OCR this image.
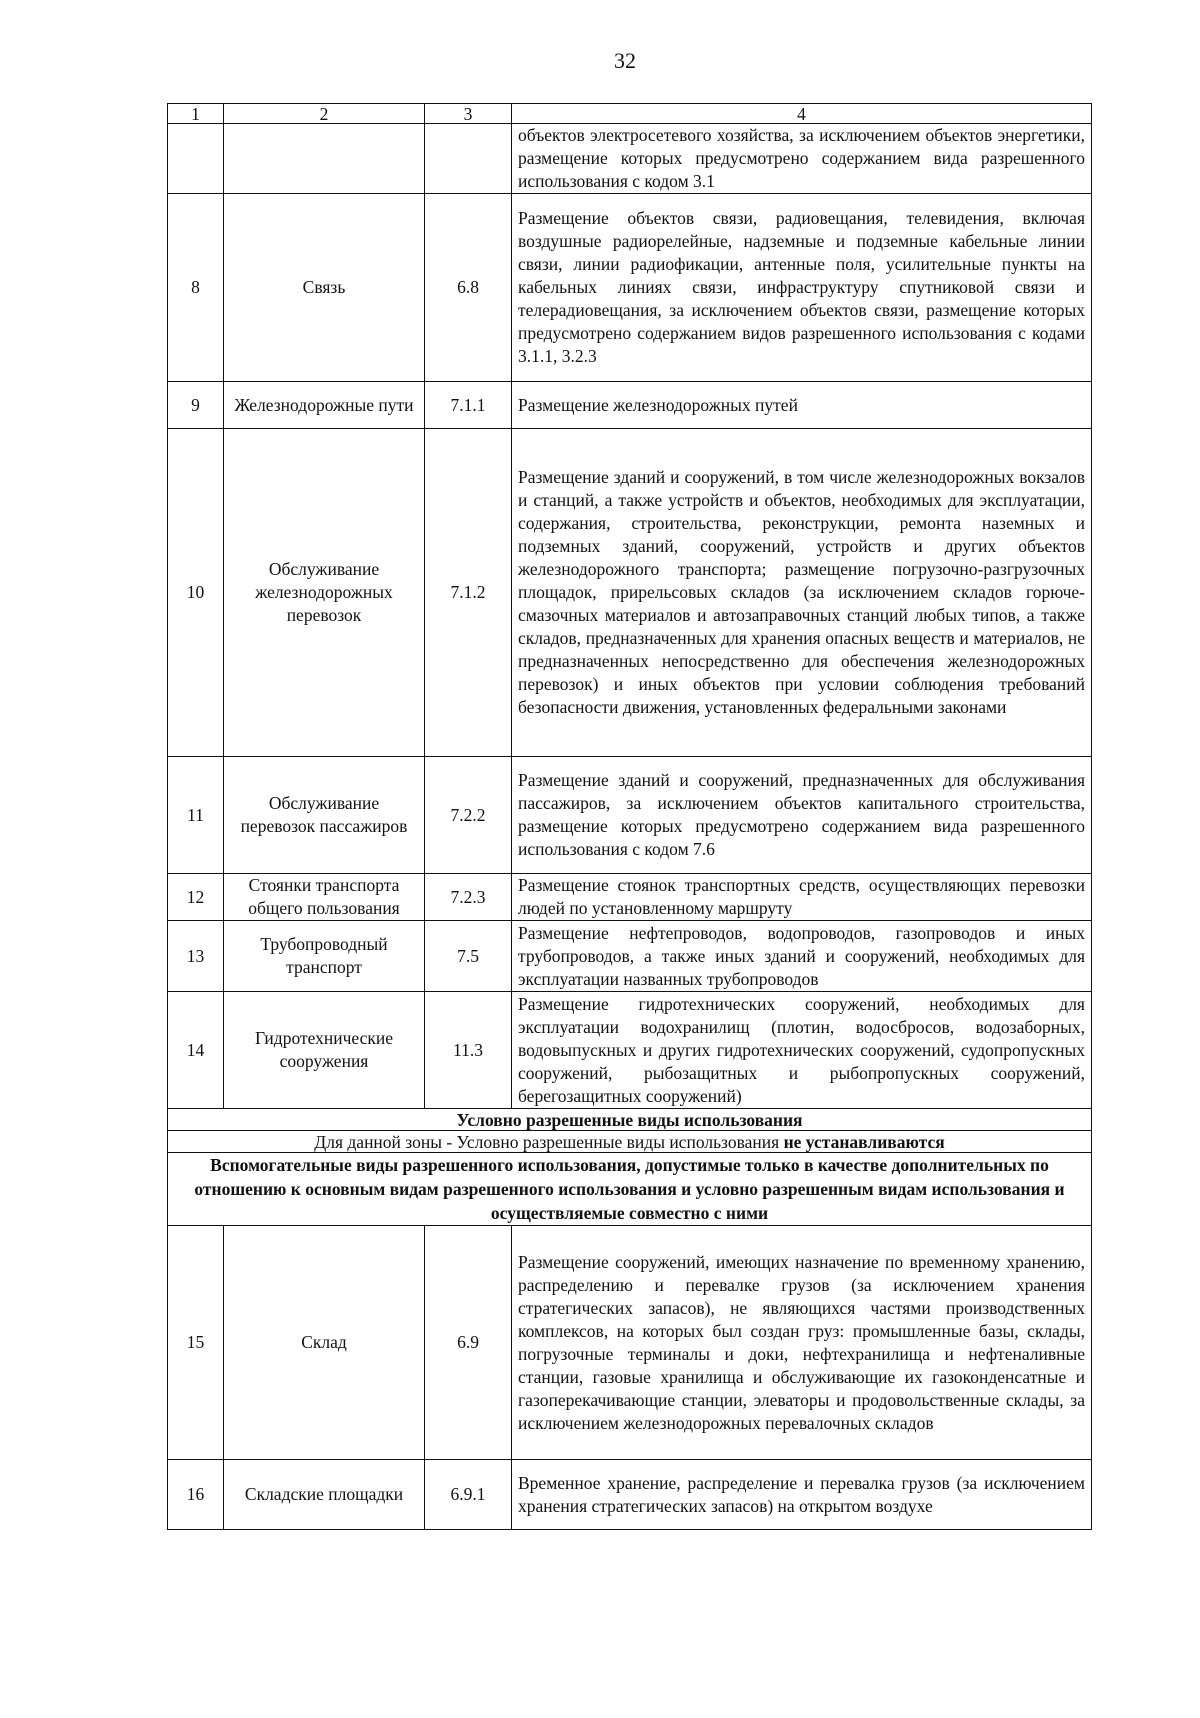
32
1	2	3	4
			объектов электросетевого хозяйства, за исключением объектов энергетики, размещение которых предусмотрено содержанием вида разрешенного использования с кодом 3.1
8	Связь	6.8	Размещение объектов связи, радиовещания, телевидения, включая воздушные радиорелейные, надземные и подземные кабельные линии связи, линии радиофикации, антенные поля, усилительные пункты на кабельных линиях связи, инфраструктуру спутниковой связи и телерадиовещания, за исключением объектов связи, размещение которых предусмотрено содержанием видов разрешенного использования с кодами 3.1.1, 3.2.3
9	Железнодорожные пути	7.1.1	Размещение железнодорожных путей
10	Обслуживание железнодорожных перевозок	7.1.2	Размещение зданий и сооружений, в том числе железнодорожных вокзалов и станций, а также устройств и объектов, необходимых для эксплуатации, содержания, строительства, реконструкции, ремонта наземных и подземных зданий, сооружений, устройств и других объектов железнодорожного транспорта; размещение погрузочно-разгрузочных площадок, прирельсовых складов (за исключением складов горюче-смазочных материалов и автозаправочных станций любых типов, а также складов, предназначенных для хранения опасных веществ и материалов, не предназначенных непосредственно для обеспечения железнодорожных перевозок) и иных объектов при условии соблюдения требований безопасности движения, установленных федеральными законами
11	Обслуживание перевозок пассажиров	7.2.2	Размещение зданий и сооружений, предназначенных для обслуживания пассажиров, за исключением объектов капитального строительства, размещение которых предусмотрено содержанием вида разрешенного использования с кодом 7.6
12	Стоянки транспорта общего пользования	7.2.3	Размещение стоянок транспортных средств, осуществляющих перевозки людей по установленному маршруту
13	Трубопроводный транспорт	7.5	Размещение нефтепроводов, водопроводов, газопроводов и иных трубопроводов, а также иных зданий и сооружений, необходимых для эксплуатации названных трубопроводов
14	Гидротехнические сооружения	11.3	Размещение гидротехнических сооружений, необходимых для эксплуатации водохранилищ (плотин, водосбросов, водозаборных, водовыпускных и других гидротехнических сооружений, судопропускных сооружений, рыбозащитных и рыбопропускных сооружений, берегозащитных сооружений)
Условно разрешенные виды использования			
Для данной зоны - Условно разрешенные виды использования не устанавливаются			
Вспомогательные виды разрешенного использования, допустимые только в качестве дополнительных по отношению к основным видам разрешенного использования и условно разрешенным видам использования и осуществляемые совместно с ними			
15	Склад	6.9	Размещение сооружений, имеющих назначение по временному хранению, распределению и перевалке грузов (за исключением хранения стратегических запасов), не являющихся частями производственных комплексов, на которых был создан груз: промышленные базы, склады, погрузочные терминалы и доки, нефтехранилища и нефтеналивные станции, газовые хранилища и обслуживающие их газоконденсатные и газоперекачивающие станции, элеваторы и продовольственные склады, за исключением железнодорожных перевалочных складов
16	Складские площадки	6.9.1	Временное хранение, распределение и перевалка грузов (за исключением хранения стратегических запасов) на открытом воздухе
